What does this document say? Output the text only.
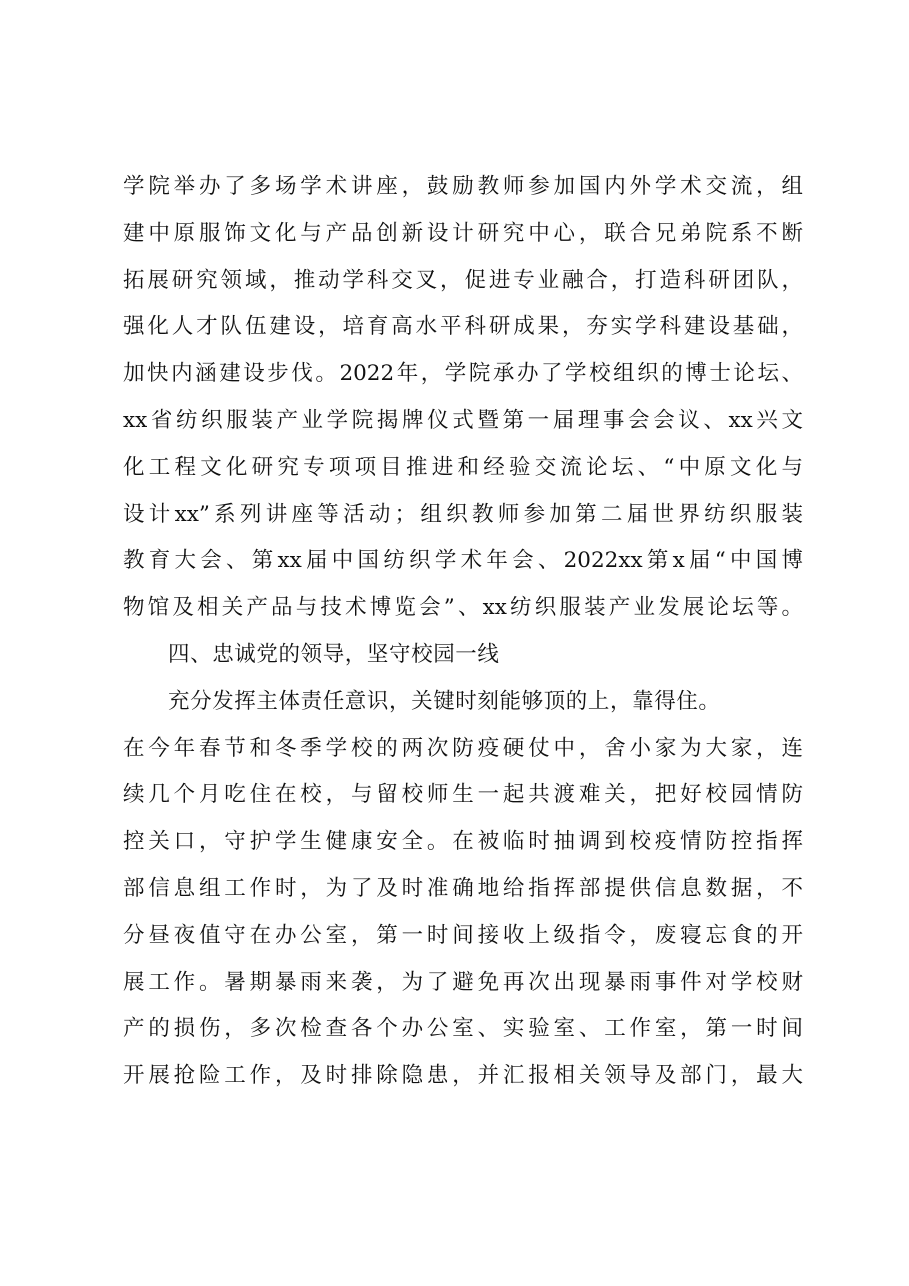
学院举办了多场学术讲座，鼓励教师参加国内外学术交流，组
建中原服饰文化与产品创新设计研究中心，联合兄弟院系不断
拓展研究领域，推动学科交叉，促进专业融合，打造科研团队，
强化人才队伍建设，培育高水平科研成果，夯实学科建设基础，
加快内涵建设步伐。2022年，学院承办了学校组织的博士论坛、
xx省纺织服装产业学院揭牌仪式暨第一届理事会会议、xx兴文
化工程文化研究专项项目推进和经验交流论坛、“中原文化与
设计xx”系列讲座等活动；组织教师参加第二届世界纺织服装
教育大会、第xx届中国纺织学术年会、2022xx第x届“中国博
物馆及相关产品与技术博览会”、xx纺织服装产业发展论坛等。
四、忠诚党的领导，坚守校园一线
充分发挥主体责任意识，关键时刻能够顶的上，靠得住。
在今年春节和冬季学校的两次防疫硬仗中，舍小家为大家，连
续几个月吃住在校，与留校师生一起共渡难关，把好校园情防
控关口，守护学生健康安全。在被临时抽调到校疫情防控指挥
部信息组工作时，为了及时准确地给指挥部提供信息数据，不
分昼夜值守在办公室，第一时间接收上级指令，废寝忘食的开
展工作。暑期暴雨来袭，为了避免再次出现暴雨事件对学校财
产的损伤，多次检查各个办公室、实验室、工作室，第一时间
开展抢险工作，及时排除隐患，并汇报相关领导及部门，最大
